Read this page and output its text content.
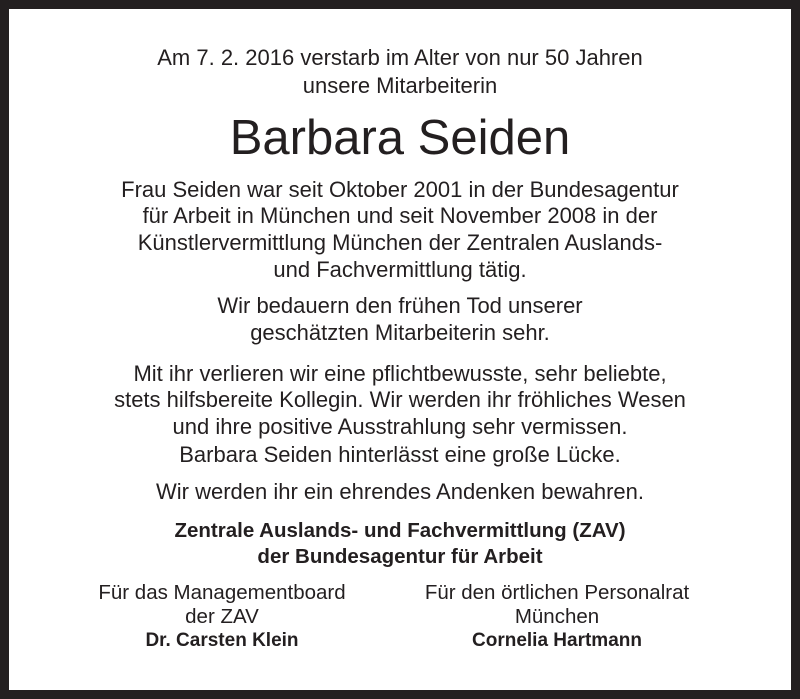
Am 7. 2. 2016 verstarb im Alter von nur 50 Jahren
unsere Mitarbeiterin
Barbara Seiden
Frau Seiden war seit Oktober 2001 in der Bundesagentur
für Arbeit in München und seit November 2008 in der
Künstlervermittlung München der Zentralen Auslands-
und Fachvermittlung tätig.
Wir bedauern den frühen Tod unserer
geschätzten Mitarbeiterin sehr.
Mit ihr verlieren wir eine pflichtbewusste, sehr beliebte,
stets hilfsbereite Kollegin. Wir werden ihr fröhliches Wesen
und ihre positive Ausstrahlung sehr vermissen.
Barbara Seiden hinterlässt eine große Lücke.
Wir werden ihr ein ehrendes Andenken bewahren.
Zentrale Auslands- und Fachvermittlung (ZAV)
der Bundesagentur für Arbeit
Für das Managementboard
der ZAV
Dr. Carsten Klein
Für den örtlichen Personalrat
München
Cornelia Hartmann
